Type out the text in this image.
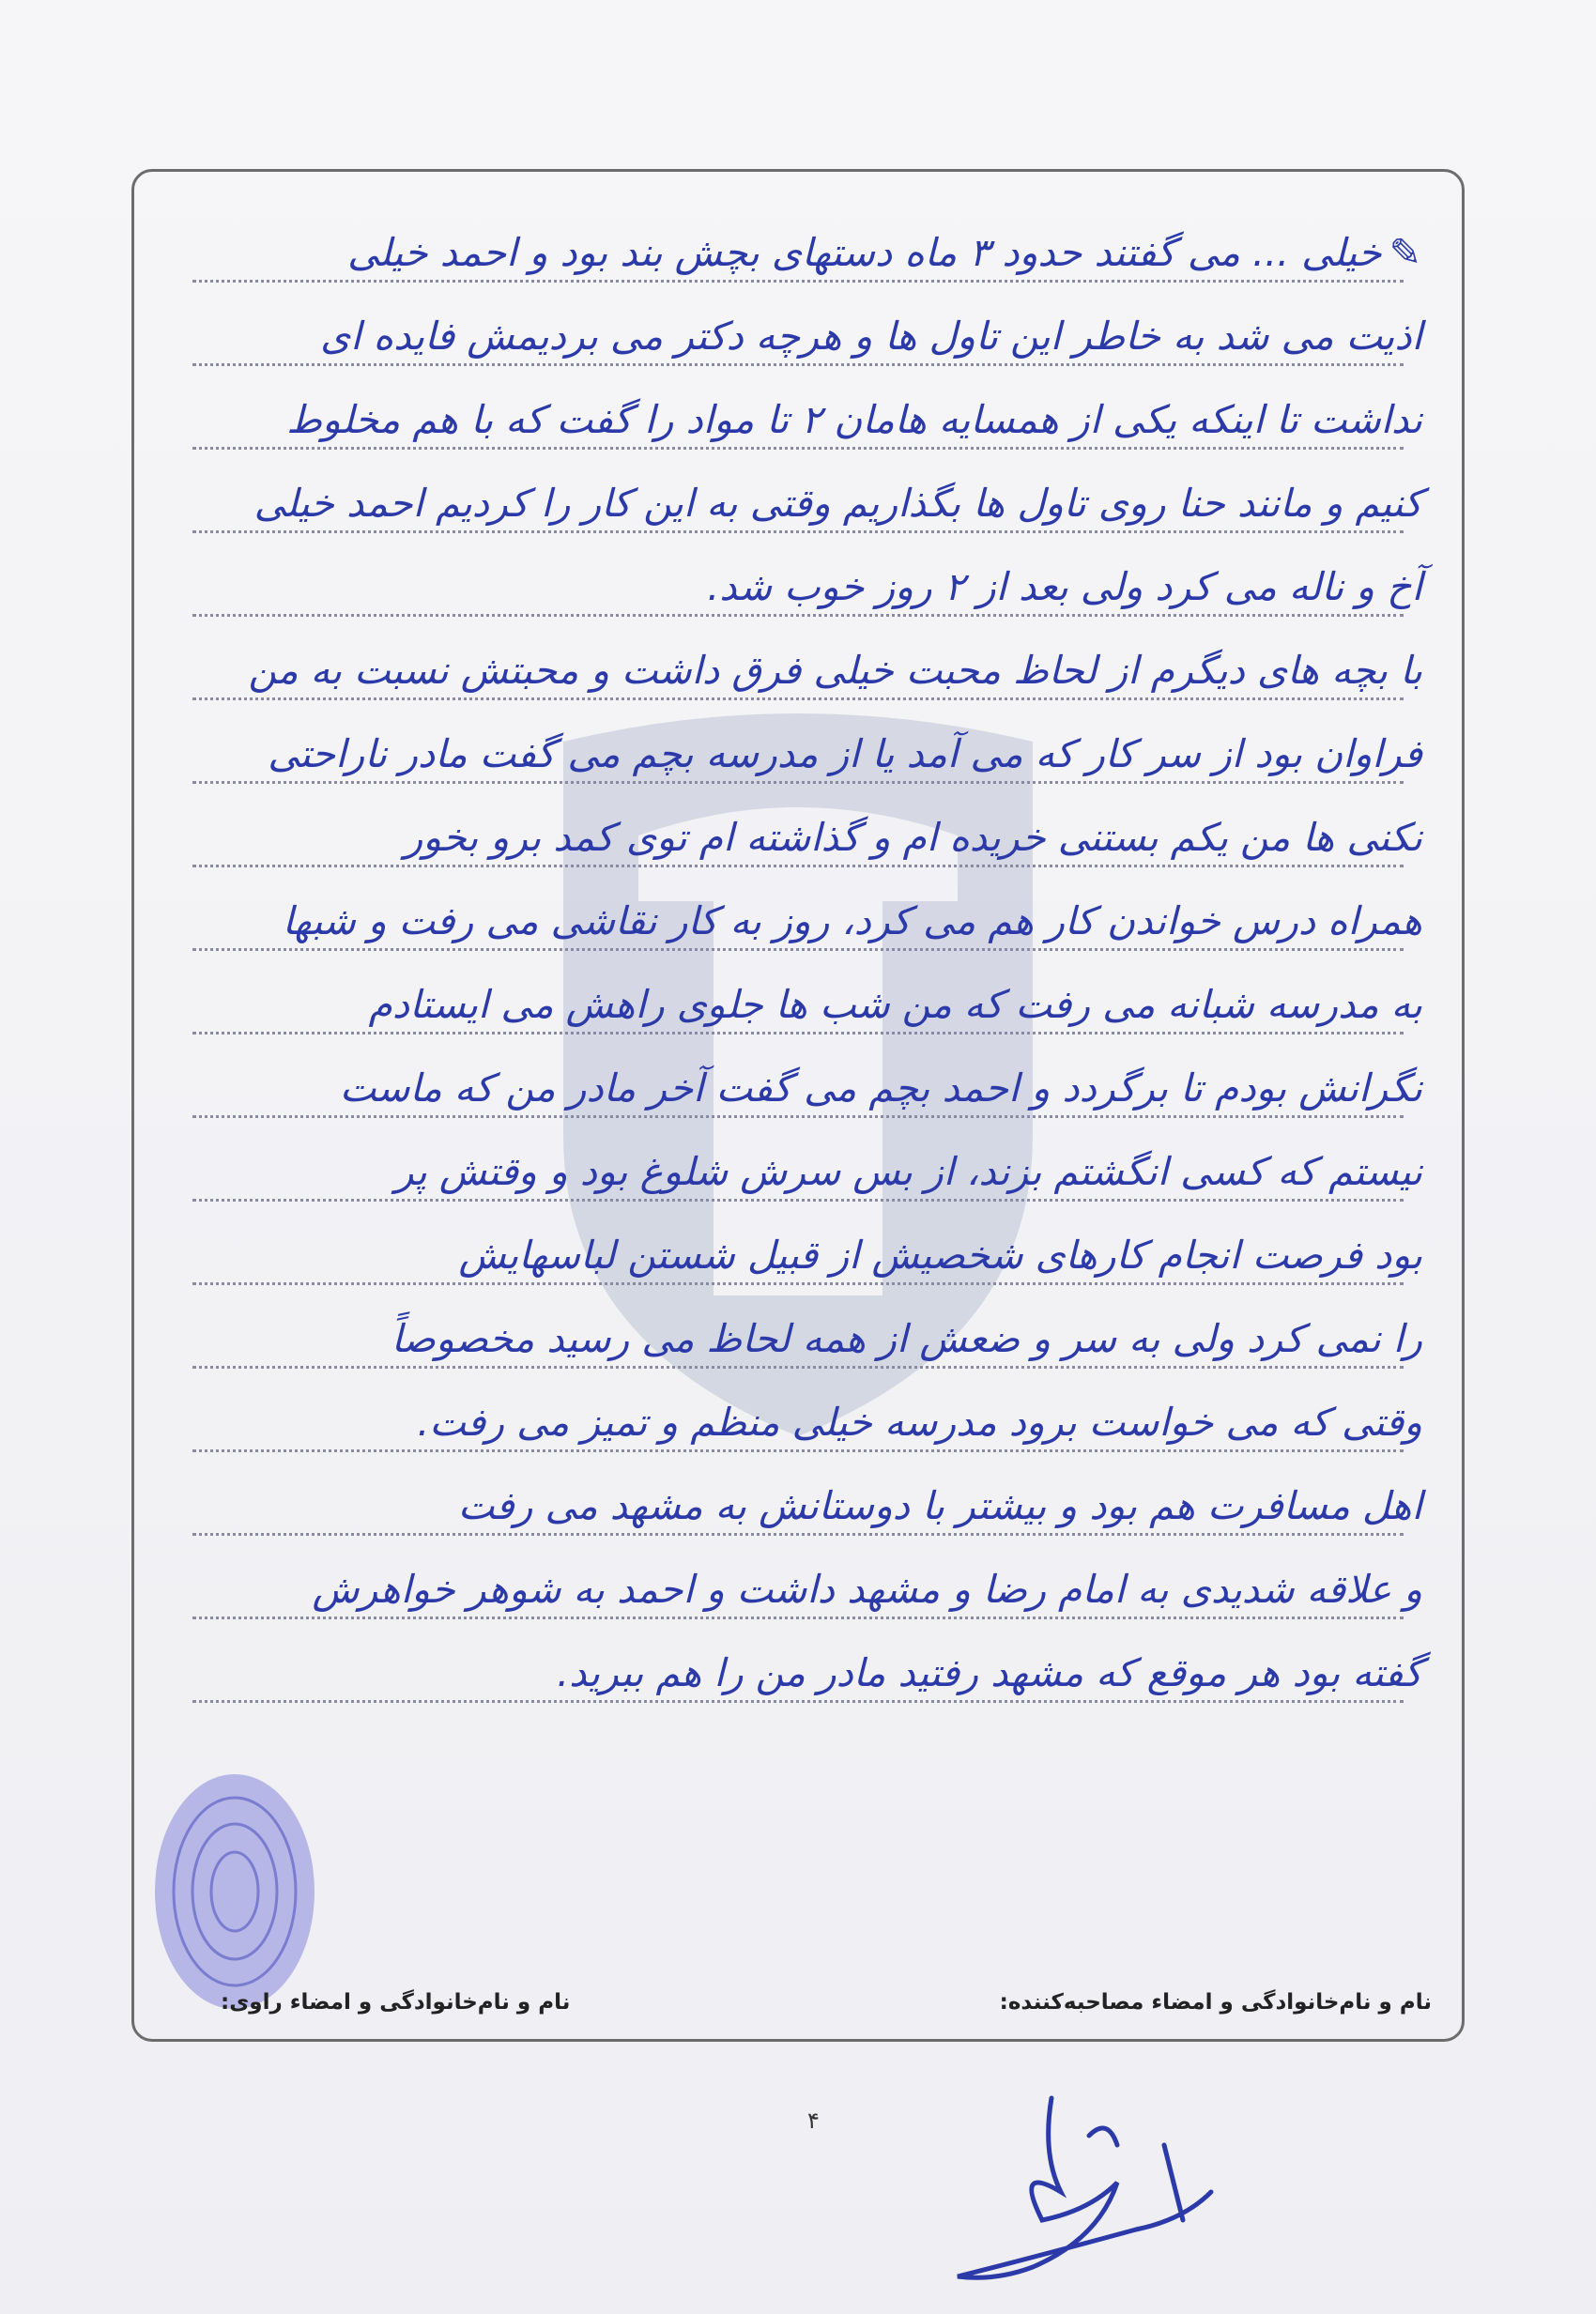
✎خیلی ... می گفتند حدود ۳ ماه دستهای بچش بند بود و احمد خیلی
اذیت می شد به خاطر این تاول ها و هرچه دکتر می بردیمش فایده ای
نداشت تا اینکه یکی از همسایه هامان ۲ تا مواد را گفت که با هم مخلوط
کنیم و مانند حنا روی تاول ها بگذاریم وقتی به این کار را کردیم احمد خیلی
آخ و ناله می کرد ولی بعد از ۲ روز خوب شد.
با بچه های دیگرم از لحاظ محبت خیلی فرق داشت و محبتش نسبت به من
فراوان بود از سر کار که می آمد یا از مدرسه بچم می گفت مادر ناراحتی
نکنی ها من یکم بستنی خریده ام و گذاشته ام توی کمد برو بخور
همراه درس خواندن کار هم می کرد، روز به کار نقاشی می رفت و شبها
به مدرسه شبانه می رفت که من شب ها جلوی راهش می ایستادم
نگرانش بودم تا برگردد و احمد بچم می گفت آخر مادر من که ماست
نیستم که کسی انگشتم بزند، از بس سرش شلوغ بود و وقتش پر
بود فرصت انجام کارهای شخصیش از قبیل شستن لباسهایش
را نمی کرد ولی به سر و ضعش از همه لحاظ می رسید مخصوصاً
وقتی که می خواست برود مدرسه خیلی منظم و تمیز می رفت.
اهل مسافرت هم بود و بیشتر با دوستانش به مشهد می رفت
و علاقه شدیدی به امام رضا و مشهد داشت و احمد به شوهر خواهرش
گفته بود هر موقع که مشهد رفتید مادر من را هم ببرید.
نام و نام‌خانوادگی و امضاء مصاحبه‌کننده:
نام و نام‌خانوادگی و امضاء راوی:
۴
